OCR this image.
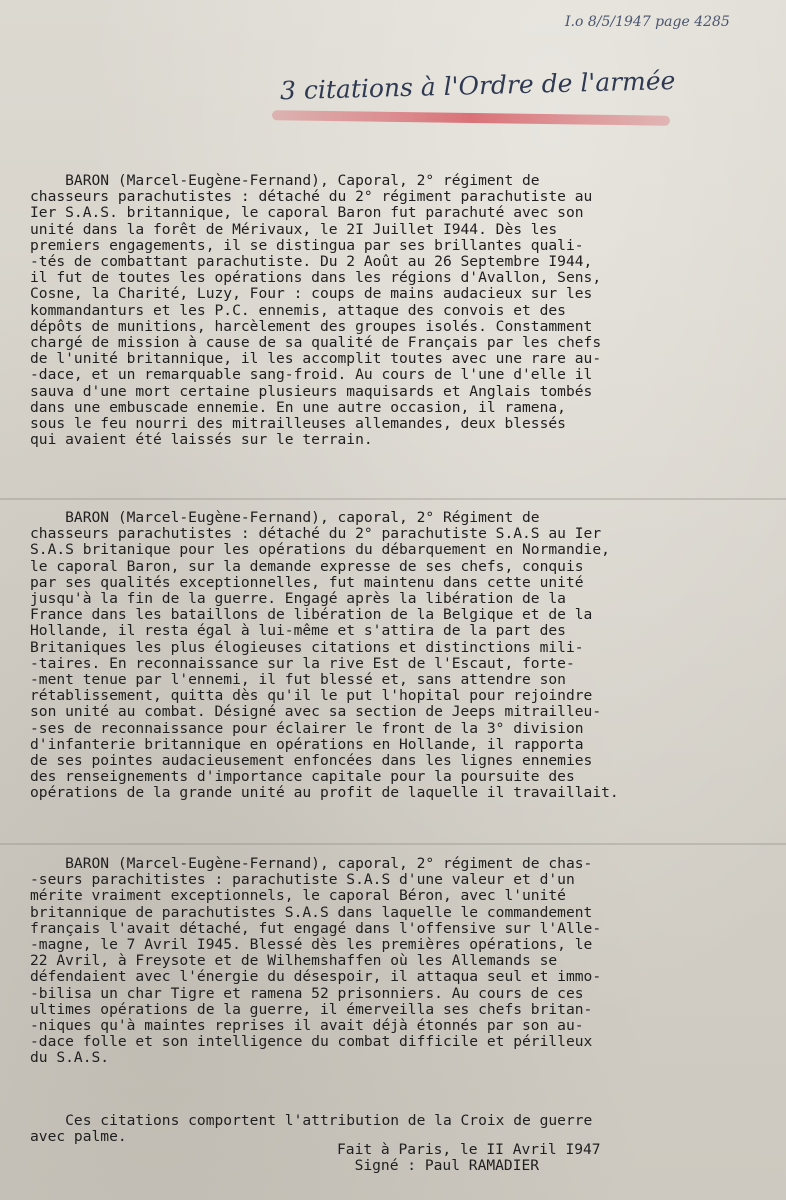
I.o 8/5/1947 page 4285
3 citations à l'Ordre de l'armée

BARON (Marcel-Eugène-Fernand), Caporal, 2° régiment de
chasseurs parachutistes : détaché du 2° régiment parachutiste au
Ier S.A.S. britannique, le caporal Baron fut parachuté avec son
unité dans la forêt de Mérivaux, le 2I Juillet I944. Dès les
premiers engagements, il se distingua par ses brillantes quali-
-tés de combattant parachutiste. Du 2 Août au 26 Septembre I944,
il fut de toutes les opérations dans les régions d'Avallon, Sens,
Cosne, la Charité, Luzy, Four : coups de mains audacieux sur les
kommandanturs et les P.C. ennemis, attaque des convois et des
dépôts de munitions, harcèlement des groupes isolés. Constamment
chargé de mission à cause de sa qualité de Français par les chefs
de l'unité britannique, il les accomplit toutes avec une rare au-
-dace, et un remarquable sang-froid. Au cours de l'une d'elle il
sauva d'une mort certaine plusieurs maquisards et Anglais tombés
dans une embuscade ennemie. En une autre occasion, il ramena,
sous le feu nourri des mitrailleuses allemandes, deux blessés
qui avaient été laissés sur le terrain.

BARON (Marcel-Eugène-Fernand), caporal, 2° Régiment de
chasseurs parachutistes : détaché du 2° parachutiste S.A.S au Ier
S.A.S britanique pour les opérations du débarquement en Normandie,
le caporal Baron, sur la demande expresse de ses chefs, conquis
par ses qualités exceptionnelles, fut maintenu dans cette unité
jusqu'à la fin de la guerre. Engagé après la libération de la
France dans les bataillons de libération de la Belgique et de la
Hollande, il resta égal à lui-même et s'attira de la part des
Britaniques les plus élogieuses citations et distinctions mili-
-taires. En reconnaissance sur la rive Est de l'Escaut, forte-
-ment tenue par l'ennemi, il fut blessé et, sans attendre son
rétablissement, quitta dès qu'il le put l'hopital pour rejoindre
son unité au combat. Désigné avec sa section de Jeeps mitrailleu-
-ses de reconnaissance pour éclairer le front de la 3° division
d'infanterie britannique en opérations en Hollande, il rapporta
de ses pointes audacieusement enfoncées dans les lignes ennemies
des renseignements d'importance capitale pour la poursuite des
opérations de la grande unité au profit de laquelle il travaillait.

BARON (Marcel-Eugène-Fernand), caporal, 2° régiment de chas-
-seurs parachitistes : parachutiste S.A.S d'une valeur et d'un
mérite vraiment exceptionnels, le caporal Béron, avec l'unité
britannique de parachutistes S.A.S dans laquelle le commandement
français l'avait détaché, fut engagé dans l'offensive sur l'Alle-
-magne, le 7 Avril I945. Blessé dès les premières opérations, le
22 Avril, à Freysote et de Wilhemshaffen où les Allemands se
défendaient avec l'énergie du désespoir, il attaqua seul et immo-
-bilisa un char Tigre et ramena 52 prisonniers. Au cours de ces
ultimes opérations de la guerre, il émerveilla ses chefs britan-
-niques qu'à maintes reprises il avait déjà étonnés par son au-
-dace folle et son intelligence du combat difficile et périlleux
du S.A.S.

Ces citations comportent l'attribution de la Croix de guerre
avec palme.

Fait à Paris, le II Avril I947
Signé : Paul RAMADIER
